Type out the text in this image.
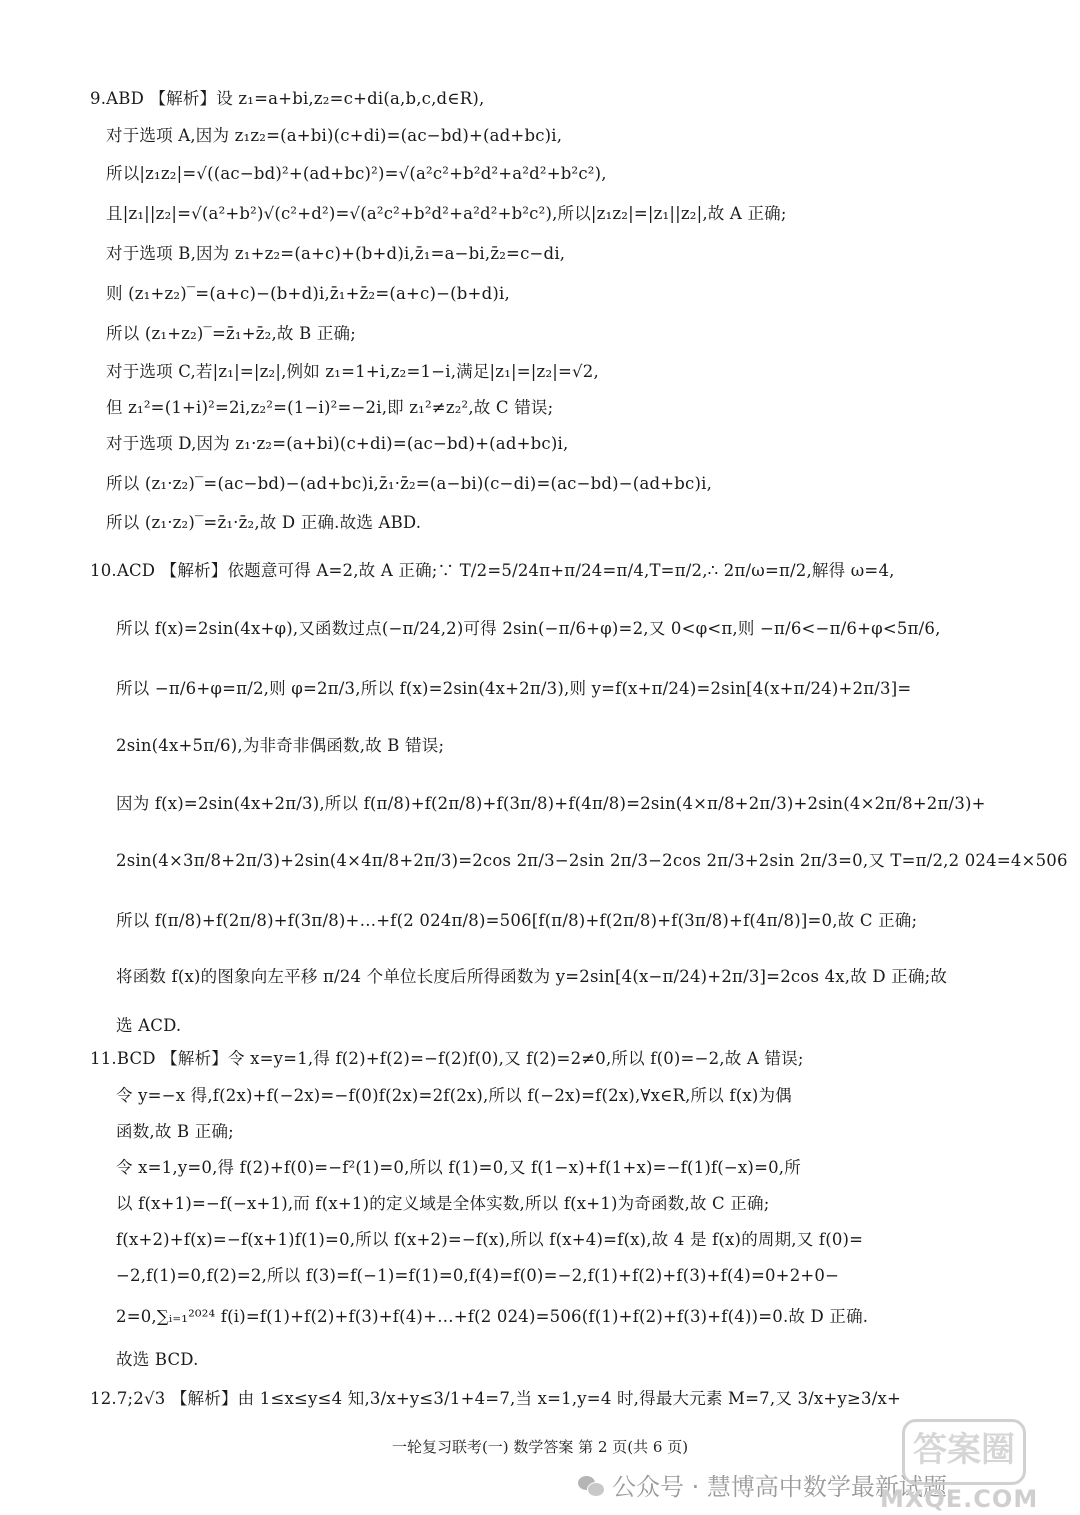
9.ABD 【解析】设 z₁=a+bi,z₂=c+di(a,b,c,d∈R),
对于选项 A,因为 z₁z₂=(a+bi)(c+di)=(ac−bd)+(ad+bc)i,
所以|z₁z₂|=√((ac−bd)²+(ad+bc)²)=√(a²c²+b²d²+a²d²+b²c²),
且|z₁||z₂|=√(a²+b²)√(c²+d²)=√(a²c²+b²d²+a²d²+b²c²),所以|z₁z₂|=|z₁||z₂|,故 A 正确;
对于选项 B,因为 z₁+z₂=(a+c)+(b+d)i,z̄₁=a−bi,z̄₂=c−di,
则 (z₁+z₂)‾=(a+c)−(b+d)i,z̄₁+z̄₂=(a+c)−(b+d)i,
所以 (z₁+z₂)‾=z̄₁+z̄₂,故 B 正确;
对于选项 C,若|z₁|=|z₂|,例如 z₁=1+i,z₂=1−i,满足|z₁|=|z₂|=√2,
但 z₁²=(1+i)²=2i,z₂²=(1−i)²=−2i,即 z₁²≠z₂²,故 C 错误;
对于选项 D,因为 z₁·z₂=(a+bi)(c+di)=(ac−bd)+(ad+bc)i,
所以 (z₁·z₂)‾=(ac−bd)−(ad+bc)i,z̄₁·z̄₂=(a−bi)(c−di)=(ac−bd)−(ad+bc)i,
所以 (z₁·z₂)‾=z̄₁·z̄₂,故 D 正确.故选 ABD.
10.ACD 【解析】依题意可得 A=2,故 A 正确;∵ T/2=5/24π+π/24=π/4,T=π/2,∴ 2π/ω=π/2,解得 ω=4,
所以 f(x)=2sin(4x+φ),又函数过点(−π/24,2)可得 2sin(−π/6+φ)=2,又 0<φ<π,则 −π/6<−π/6+φ<5π/6,
所以 −π/6+φ=π/2,则 φ=2π/3,所以 f(x)=2sin(4x+2π/3),则 y=f(x+π/24)=2sin[4(x+π/24)+2π/3]=
2sin(4x+5π/6),为非奇非偶函数,故 B 错误;
因为 f(x)=2sin(4x+2π/3),所以 f(π/8)+f(2π/8)+f(3π/8)+f(4π/8)=2sin(4×π/8+2π/3)+2sin(4×2π/8+2π/3)+
2sin(4×3π/8+2π/3)+2sin(4×4π/8+2π/3)=2cos 2π/3−2sin 2π/3−2cos 2π/3+2sin 2π/3=0,又 T=π/2,2 024=4×506
所以 f(π/8)+f(2π/8)+f(3π/8)+…+f(2 024π/8)=506[f(π/8)+f(2π/8)+f(3π/8)+f(4π/8)]=0,故 C 正确;
将函数 f(x)的图象向左平移 π/24 个单位长度后所得函数为 y=2sin[4(x−π/24)+2π/3]=2cos 4x,故 D 正确;故
选 ACD.
11.BCD 【解析】令 x=y=1,得 f(2)+f(2)=−f(2)f(0),又 f(2)=2≠0,所以 f(0)=−2,故 A 错误;
令 y=−x 得,f(2x)+f(−2x)=−f(0)f(2x)=2f(2x),所以 f(−2x)=f(2x),∀x∈R,所以 f(x)为偶
函数,故 B 正确;
令 x=1,y=0,得 f(2)+f(0)=−f²(1)=0,所以 f(1)=0,又 f(1−x)+f(1+x)=−f(1)f(−x)=0,所
以 f(x+1)=−f(−x+1),而 f(x+1)的定义域是全体实数,所以 f(x+1)为奇函数,故 C 正确;
f(x+2)+f(x)=−f(x+1)f(1)=0,所以 f(x+2)=−f(x),所以 f(x+4)=f(x),故 4 是 f(x)的周期,又 f(0)=
−2,f(1)=0,f(2)=2,所以 f(3)=f(−1)=f(1)=0,f(4)=f(0)=−2,f(1)+f(2)+f(3)+f(4)=0+2+0−
2=0,∑ᵢ₌₁²⁰²⁴ f(i)=f(1)+f(2)+f(3)+f(4)+…+f(2 024)=506(f(1)+f(2)+f(3)+f(4))=0.故 D 正确.
故选 BCD.
12.7;2√3 【解析】由 1≤x≤y≤4 知,3/x+y≤3/1+4=7,当 x=1,y=4 时,得最大元素 M=7,又 3/x+y≥3/x+
一轮复习联考(一) 数学答案 第 2 页(共 6 页)
公众号 · 慧博高中数学最新试题
答案圈
MXQE.COM
